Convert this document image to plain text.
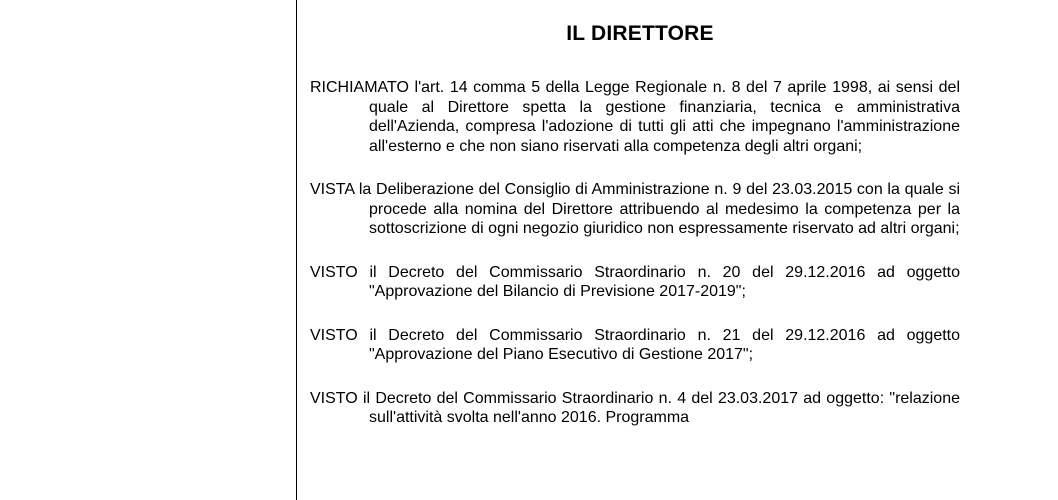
IL DIRETTORE

RICHIAMATO l'art. 14 comma 5 della Legge Regionale n. 8 del 7 aprile 1998, ai sensi del quale al Direttore spetta la gestione finanziaria, tecnica e amministrativa dell'Azienda, compresa l'adozione di tutti gli atti che impegnano l'amministrazione all'esterno e che non siano riservati alla competenza degli altri organi;

VISTA la Deliberazione del Consiglio di Amministrazione n. 9 del 23.03.2015 con la quale si procede alla nomina del Direttore attribuendo al medesimo la competenza per la sottoscrizione di ogni negozio giuridico non espressamente riservato ad altri organi;

VISTO il Decreto del Commissario Straordinario n. 20 del 29.12.2016 ad oggetto "Approvazione del Bilancio di Previsione 2017-2019";

VISTO il Decreto del Commissario Straordinario n. 21 del 29.12.2016 ad oggetto "Approvazione del Piano Esecutivo di Gestione 2017";

VISTO il Decreto del Commissario Straordinario n. 4 del 23.03.2017 ad oggetto: "relazione sull'attività svolta nell'anno 2016. Programma
